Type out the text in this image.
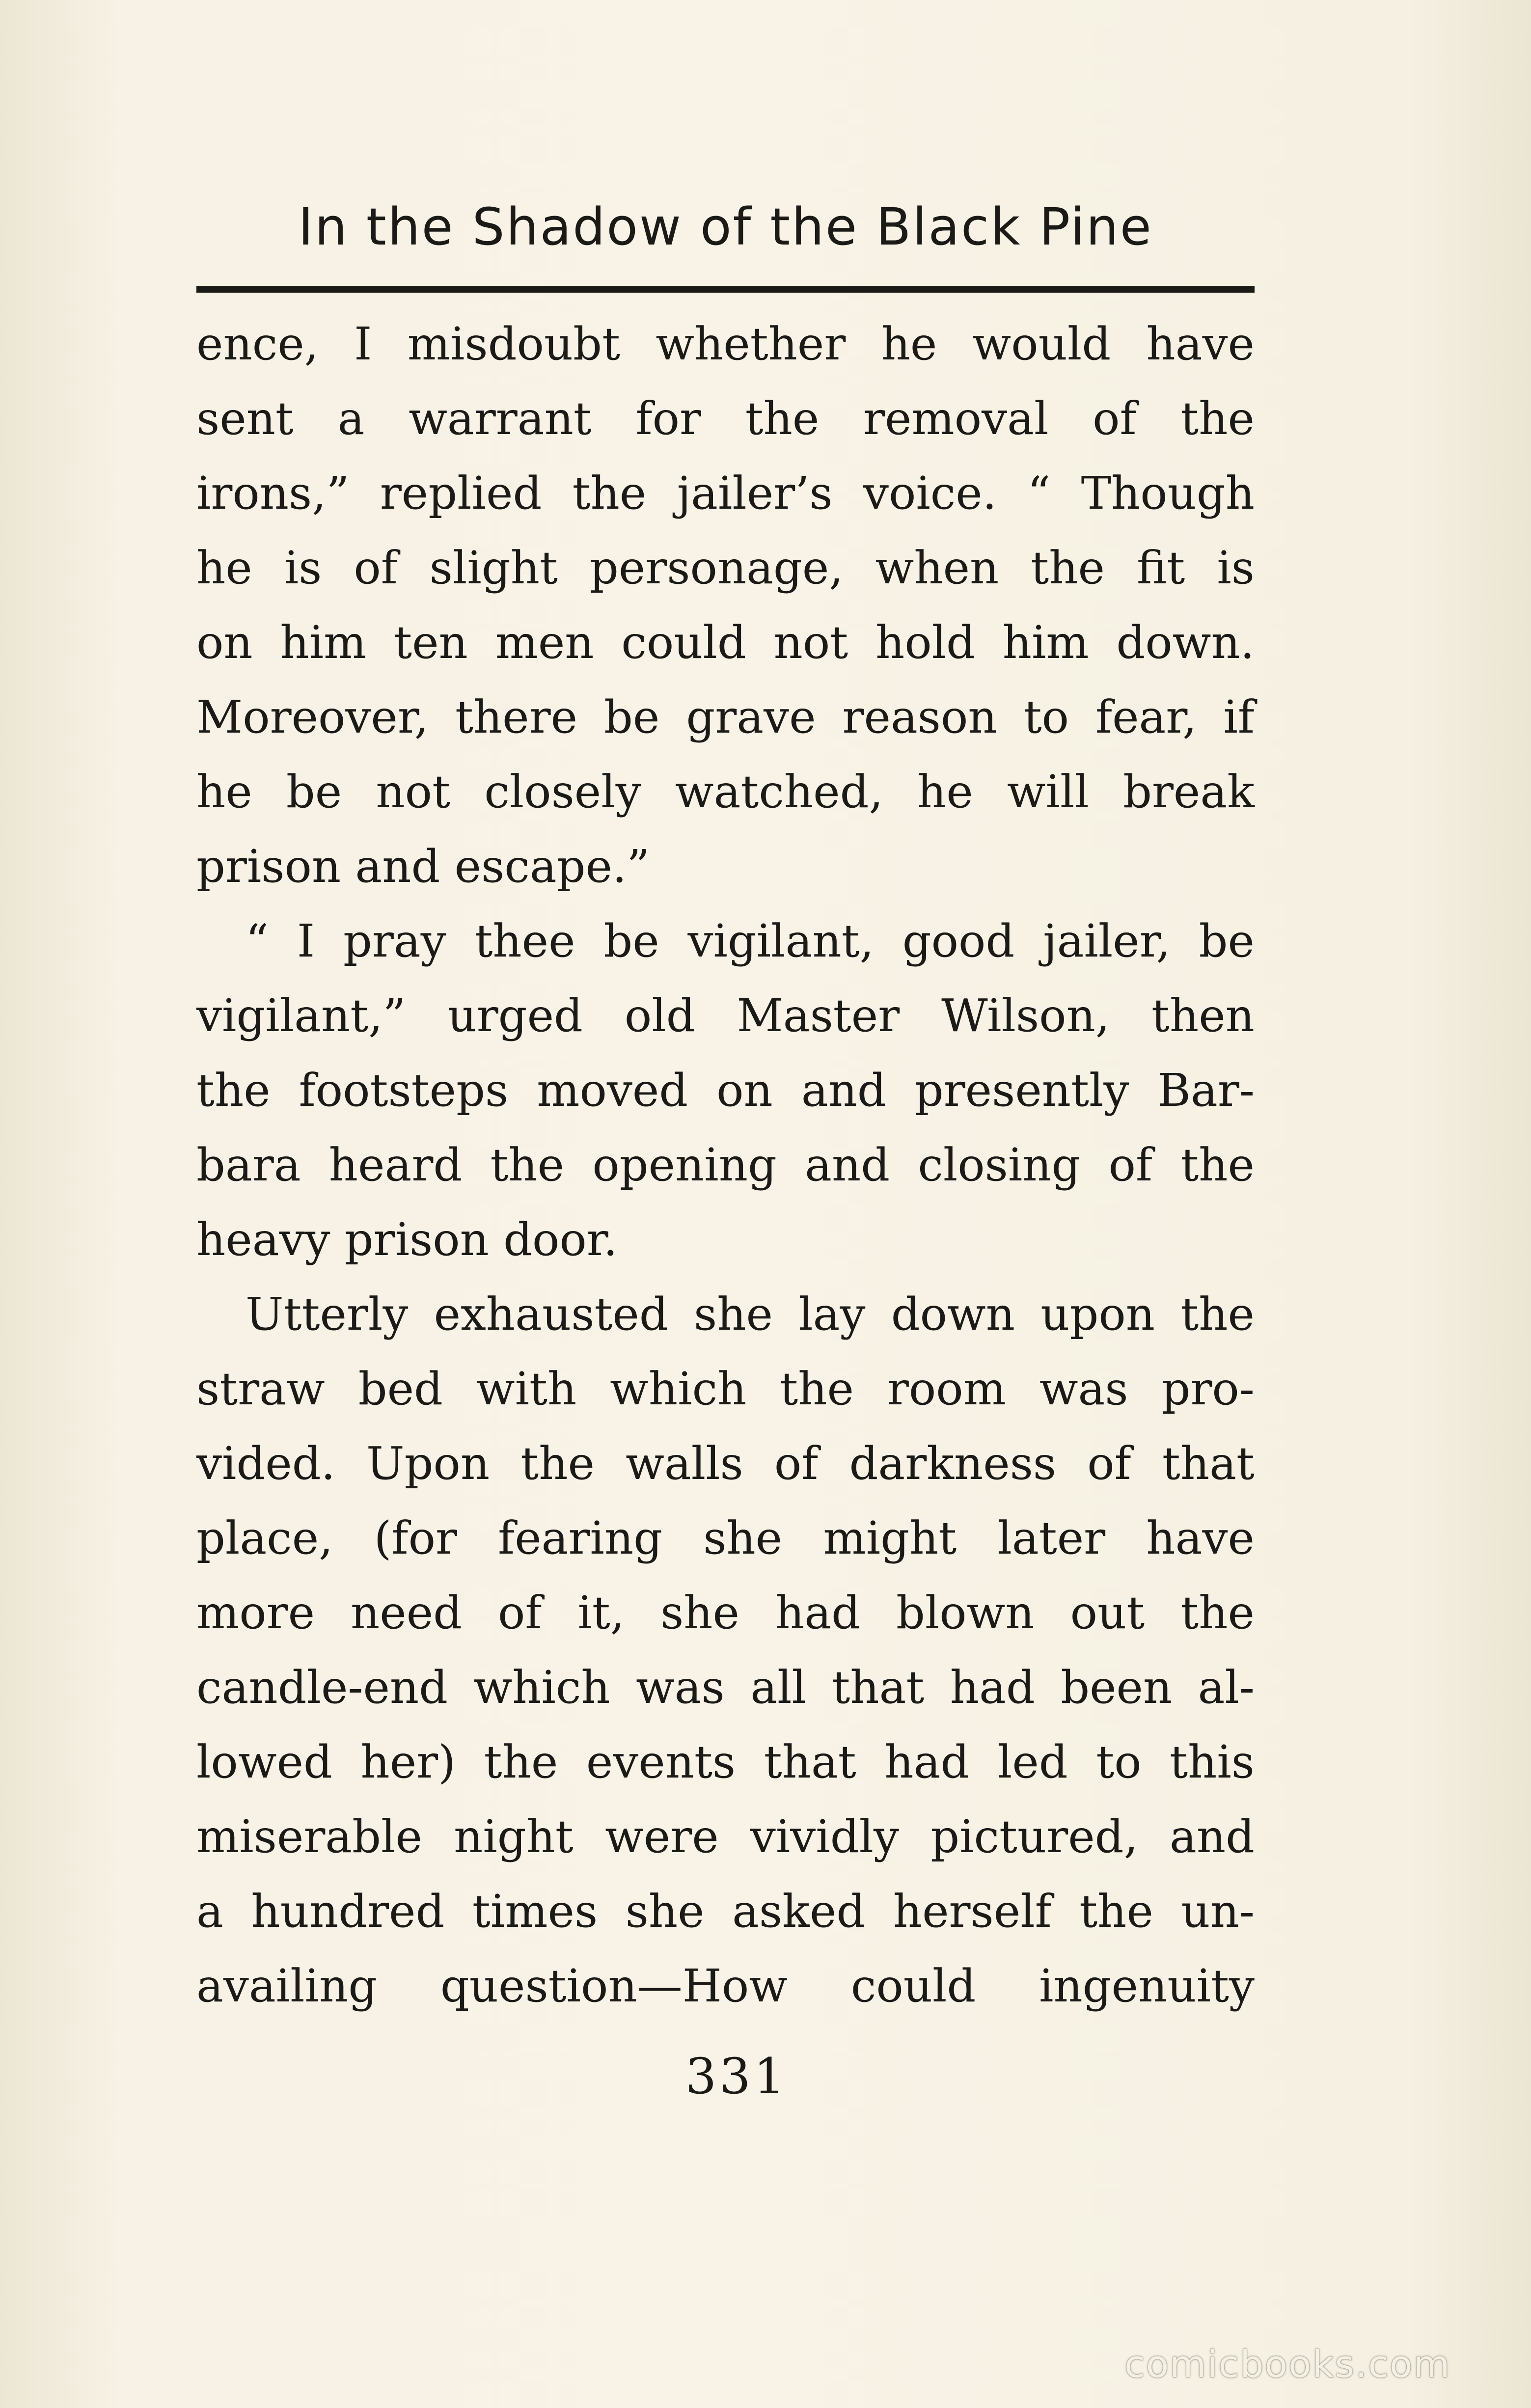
In the Shadow of the Black Pine
ence, I misdoubt whether he would have
sent a warrant for the removal of the
irons,” replied the jailer’s voice. “ Though
he is of slight personage, when the fit is
on him ten men could not hold him down.
Moreover, there be grave reason to fear, if
he be not closely watched, he will break
prison and escape.”
“ I pray thee be vigilant, good jailer, be
vigilant,” urged old Master Wilson, then
the footsteps moved on and presently Bar-
bara heard the opening and closing of the
heavy prison door.
Utterly exhausted she lay down upon the
straw bed with which the room was pro-
vided. Upon the walls of darkness of that
place, (for fearing she might later have
more need of it, she had blown out the
candle-end which was all that had been al-
lowed her) the events that had led to this
miserable night were vividly pictured, and
a hundred times she asked herself the un-
availing question—How could ingenuity
331
comicbooks.com
